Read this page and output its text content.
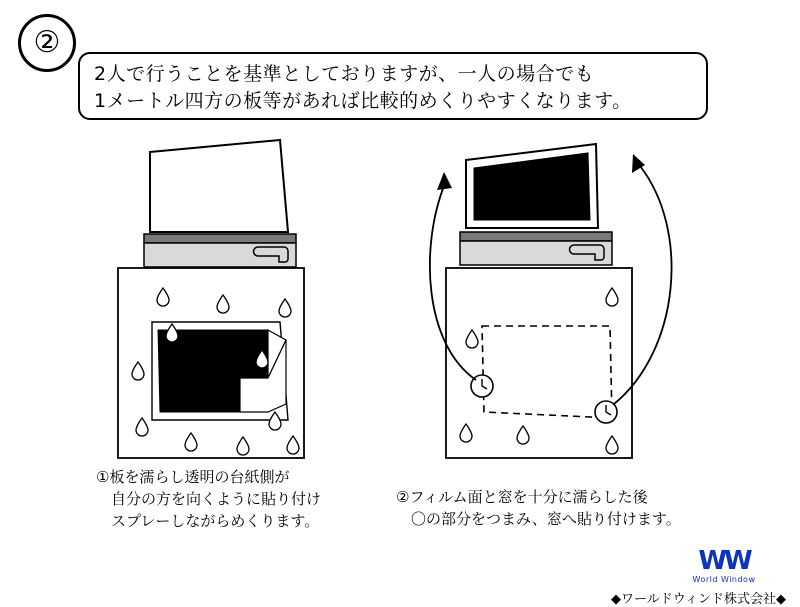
②
2人で行うことを基準としておりますが、一人の場合でも
1メートル四方の板等があれば比較的めくりやすくなります。
①板を濡らし透明の台紙側が
　自分の方を向くように貼り付け
　スプレーしながらめくります。
②フィルム面と窓を十分に濡らした後
　〇の部分をつまみ、窓へ貼り付けます。
WW
World Window
◆ワールドウィンド株式会社◆
